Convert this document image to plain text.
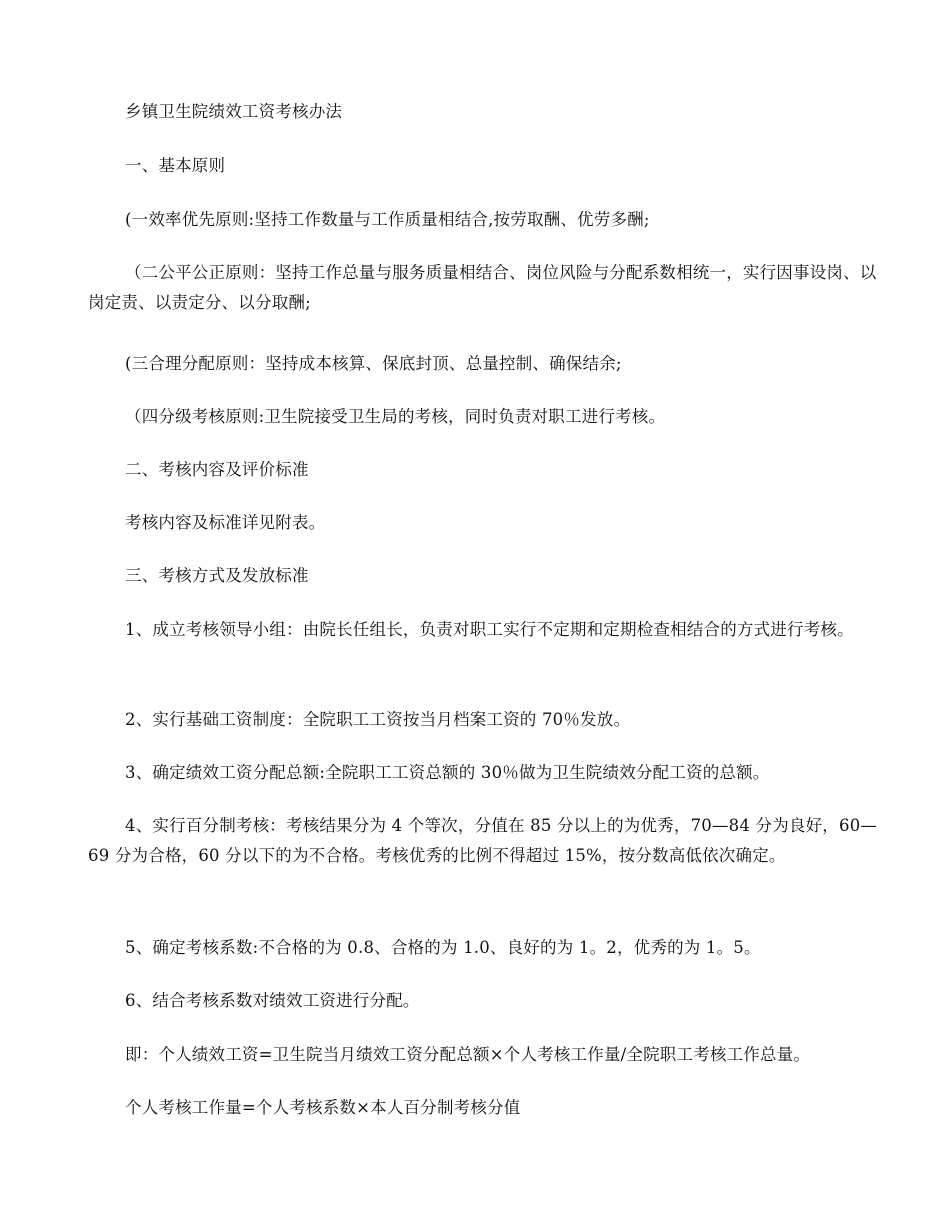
乡镇卫生院绩效工资考核办法

一、基本原则

(一效率优先原则:坚持工作数量与工作质量相结合,按劳取酬、优劳多酬;

（二公平公正原则：坚持工作总量与服务质量相结合、岗位风险与分配系数相统一，实行因事设岗、以岗定责、以责定分、以分取酬;

(三合理分配原则：坚持成本核算、保底封顶、总量控制、确保结余;

（四分级考核原则:卫生院接受卫生局的考核，同时负责对职工进行考核。

二、考核内容及评价标准

考核内容及标准详见附表。

三、考核方式及发放标准

1、成立考核领导小组：由院长任组长，负责对职工实行不定期和定期检查相结合的方式进行考核。

2、实行基础工资制度：全院职工工资按当月档案工资的 70％发放。

3、确定绩效工资分配总额:全院职工工资总额的 30％做为卫生院绩效分配工资的总额。

4、实行百分制考核：考核结果分为 4 个等次，分值在 85 分以上的为优秀，70—84 分为良好，60—69 分为合格，60 分以下的为不合格。考核优秀的比例不得超过 15%，按分数高低依次确定。

5、确定考核系数:不合格的为 0.8、合格的为 1.0、良好的为 1。2，优秀的为 1。5。

6、结合考核系数对绩效工资进行分配。

即：个人绩效工资=卫生院当月绩效工资分配总额×个人考核工作量/全院职工考核工作总量。

个人考核工作量=个人考核系数×本人百分制考核分值
